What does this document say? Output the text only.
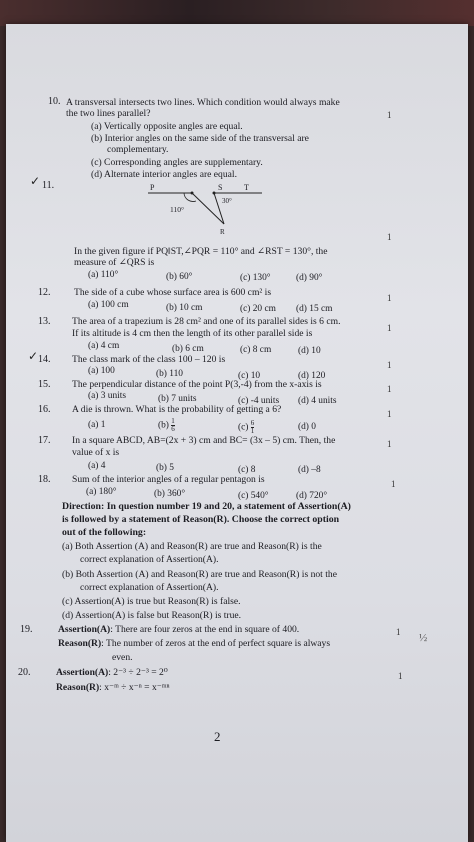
10. A transversal intersects two lines. Which condition would always make
the two lines parallel?	1
(a) Vertically opposite angles are equal.
(b) Interior angles on the same side of the transversal are
complementary.
(c) Corresponding angles are supplementary.
(d) Alternate interior angles are equal.
✓ 11.	P	S	T
110°
30°
R	1
In the given figure if PQ‖ST,∠PQR = 110° and ∠RST = 130°, the
measure of ∠QRS is
(a) 110°	(b) 60°	(c) 130°	(d) 90°
12. The side of a cube whose surface area is 600 cm² is	1
(a) 100 cm	(b) 10 cm	(c) 20 cm (d) 15 cm
13. The area of a trapezium is 28 cm² and one of its parallel sides is 6 cm.
If its altitude is 4 cm then the length of its other parallel side is	1
(a) 4 cm	(b) 6 cm	(c) 8 cm	(d) 10
✓ 14. The class mark of the class 100 – 120 is	1
(a) 100	(b) 110	(c) 10	(d) 120
15. The perpendicular distance of the point P(3,-4) from the x-axis is	1
(a) 3 units	(b) 7 units	(c) -4 units (d) 4 units
16. A die is thrown. What is the probability of getting a 6?	1
(a) 1	$(b) \frac{1}{6}$	$(c) \frac{6}{1}$	(d) 0
17. In a square ABCD, AB=(2x + 3) cm and BC= (3x – 5) cm. Then, the
value of x is
1
(a) 4	(b) 5	(c) 8	(d) –8
18. Sum of the interior angles of a regular pentagon is	1
(a) 180°	(b) 360°	(c) 540°	(d) 720°
Direction: In question number 19 and 20, a statement of Assertion(A)
is followed by a statement of Reason(R). Choose the correct option
out of the following:
(a) Both Assertion (A) and Reason(R) are true and Reason(R) is the
correct explanation of Assertion(A).
(b) Both Assertion (A) and Reason(R) are true and Reason(R) is not the
correct explanation of Assertion(A).
(c) Assertion(A) is true but Reason(R) is false.
(d) Assertion(A) is false but Reason(R) is true.
19.	Assertion(A): There are four zeros at the end in square of 400.
Reason(R): The number of zeros at the end of perfect square is always
even.
1 ½
20.	Assertion(A): 2⁻³ ÷ 2⁻³ = 2⁰
Reason(R): x⁻ᵐ ÷ x⁻ⁿ = x⁻ᵐⁿ
1
2
